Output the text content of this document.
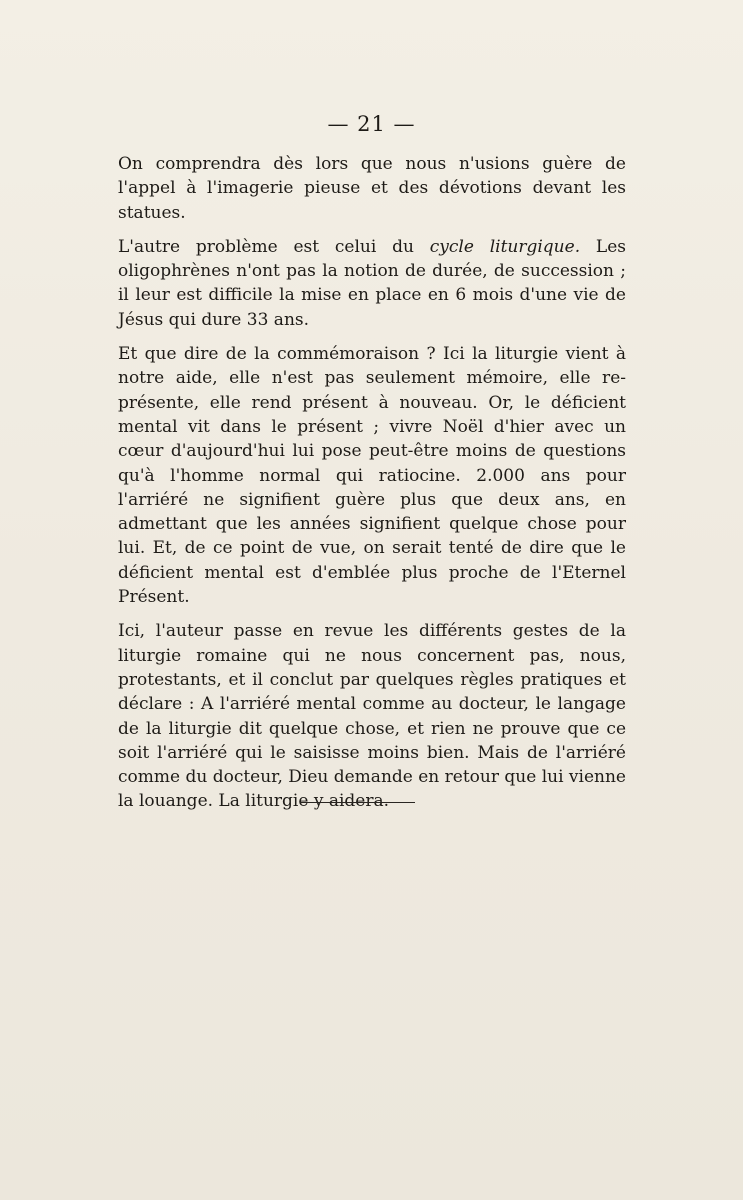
— 21 —

On comprendra dès lors que nous n'usions guère de l'appel à l'imagerie pieuse et des dévotions devant les statues.

L'autre problème est celui du cycle liturgique. Les oligophrènes n'ont pas la notion de durée, de succession ; il leur est difficile la mise en place en 6 mois d'une vie de Jésus qui dure 33 ans.

Et que dire de la commémoraison ? Ici la liturgie vient à notre aide, elle n'est pas seulement mémoire, elle re-présente, elle rend présent à nouveau. Or, le déficient mental vit dans le présent ; vivre Noël d'hier avec un cœur d'aujourd'hui lui pose peut-être moins de questions qu'à l'homme normal qui ratiocine. 2.000 ans pour l'arriéré ne signifient guère plus que deux ans, en admettant que les années signifient quelque chose pour lui. Et, de ce point de vue, on serait tenté de dire que le déficient mental est d'emblée plus proche de l'Eternel Présent.

Ici, l'auteur passe en revue les différents gestes de la liturgie romaine qui ne nous concernent pas, nous, protestants, et il conclut par quelques règles pratiques et déclare : A l'arriéré mental comme au docteur, le langage de la liturgie dit quelque chose, et rien ne prouve que ce soit l'arriéré qui le saisisse moins bien. Mais de l'arriéré comme du docteur, Dieu demande en retour que lui vienne la louange. La liturgie y aidera.
